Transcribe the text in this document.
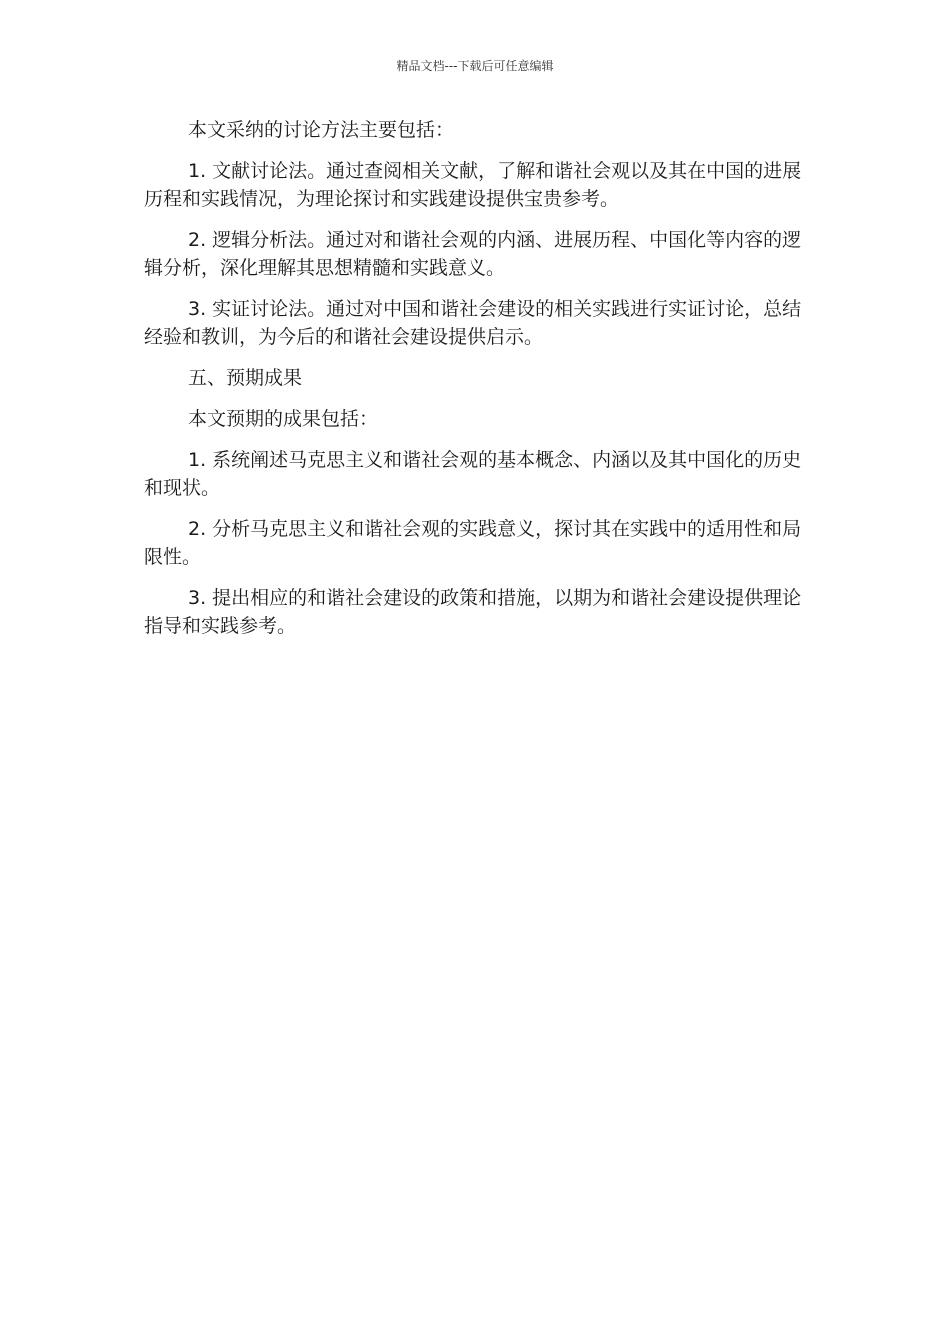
精品文档---下载后可任意编辑

本文采纳的讨论方法主要包括：

1. 文献讨论法。通过查阅相关文献，了解和谐社会观以及其在中国的进展历程和实践情况，为理论探讨和实践建设提供宝贵参考。

2. 逻辑分析法。通过对和谐社会观的内涵、进展历程、中国化等内容的逻辑分析，深化理解其思想精髓和实践意义。

3. 实证讨论法。通过对中国和谐社会建设的相关实践进行实证讨论，总结经验和教训，为今后的和谐社会建设提供启示。

五、预期成果

本文预期的成果包括：

1. 系统阐述马克思主义和谐社会观的基本概念、内涵以及其中国化的历史和现状。

2. 分析马克思主义和谐社会观的实践意义，探讨其在实践中的适用性和局限性。

3. 提出相应的和谐社会建设的政策和措施，以期为和谐社会建设提供理论指导和实践参考。
